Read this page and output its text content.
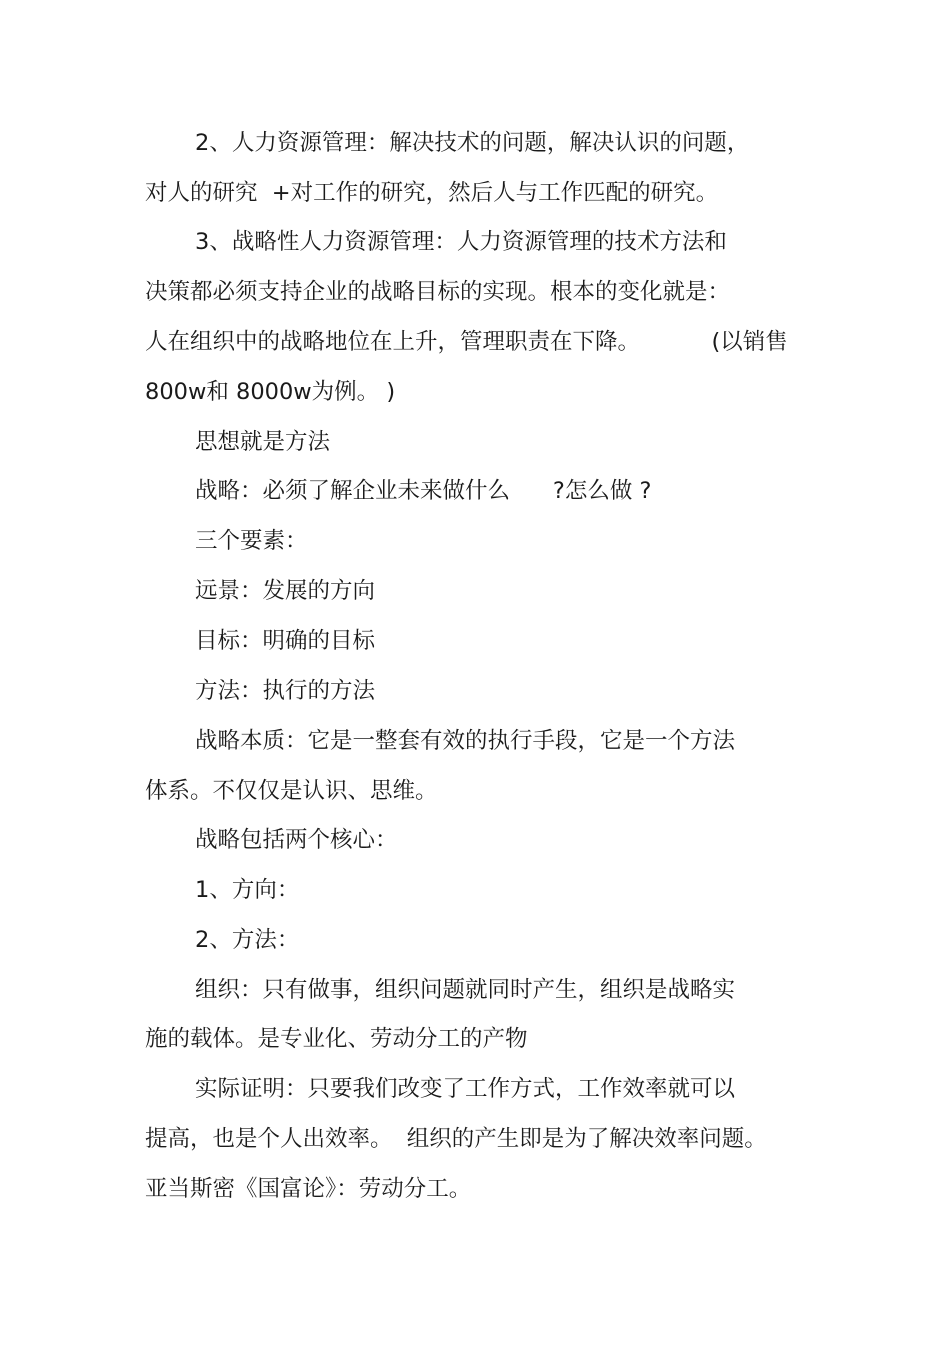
2、人力资源管理：解决技术的问题，解决认识的问题，
对人的研究  +对工作的研究，然后人与工作匹配的研究。
3、战略性人力资源管理：人力资源管理的技术方法和
决策都必须支持企业的战略目标的实现。根本的变化就是：
人在组织中的战略地位在上升，管理职责在下降。          (以销售
800w和 8000w为例。 )
思想就是方法
战略：必须了解企业未来做什么      ?怎么做 ?
三个要素：
远景：发展的方向
目标：明确的目标
方法：执行的方法
战略本质：它是一整套有效的执行手段，它是一个方法
体系。不仅仅是认识、思维。
战略包括两个核心：
1、方向：
2、方法：
组织：只有做事，组织问题就同时产生，组织是战略实
施的载体。是专业化、劳动分工的产物
实际证明：只要我们改变了工作方式，工作效率就可以
提高，也是个人出效率。  组织的产生即是为了解决效率问题。
亚当斯密《国富论》：劳动分工。
